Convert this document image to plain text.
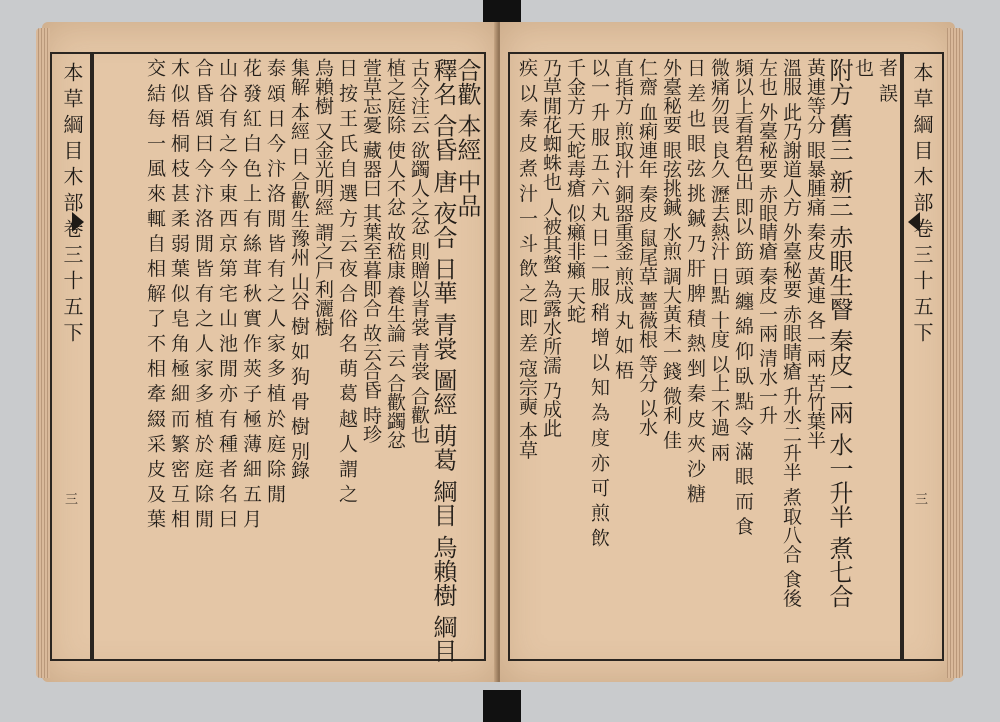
本草綱目木部卷三十五下
三
合歡 本經 中品
釋名 合昏 唐 夜合 日華 青裳 圖經 萌葛 綱目 烏賴樹 綱目
古今注云 欲蠲人之忿 則贈以青裳 青裳 合歡也
植之庭除 使人不忿 故嵇康 養生論 云 合歡蠲忿
萱草忘憂 藏器曰 其葉至暮即合 故云合昏 時珍
日 按 王 氏 自 選 方 云 夜 合 俗 名 萌 葛 越 人 謂 之
烏賴樹 又金光明經 謂之尸利灑樹
集解 本經 日 合歡生豫州 山谷 樹 如 狗 骨 樹 別錄
泰 頌 日 今 汴 洛 閒 皆 有 之 人 家 多 植 於 庭 除 閒
花 發 紅 白 色 上 有 絲 茸 秋 實 作 莢 子 極 薄 細 五 月
山 谷 有 之 今 東 西 京 第 宅 山 池 閒 亦 有 種 者 名 曰
合 昏 頌 曰 今 汴 洛 閒 皆 有 之 人 家 多 植 於 庭 除 閒
木 似 梧 桐 枝 甚 柔 弱 葉 似 皂 角 極 細 而 繁 密 互 相
交 結 每 一 風 來 輒 自 相 解 了 不 相 牽 綴 采 皮 及 葉	本草綱目木部卷三十五下
三
者 誤
也
附方 舊三 新三 赤眼生瞖 秦皮一兩 水一升半 煮七合
黃連等分 眼暴腫痛 秦皮 黃連 各一兩 苦竹葉半
溫服 此乃謝道人方 外臺秘要 赤眼睛瘡 升水二升半 煮取八合 食後
左也 外臺秘要 赤眼睛瘡 秦皮一兩 清水一升
頻以上看碧色出 即以 筯 頭 纏 綿 仰 臥 點 令 滿 眼 而 食
微痛勿畏 良久 瀝去熱汁 日點 十度 以上 不過 兩
日 差 也 眼 弦 挑 鍼 乃 肝 脾 積 熱 剉 秦 皮 夾 沙 糖
外臺秘要 眼弦挑鍼 水煎 調大黃末一錢 微利 佳
仁齋 血痢連年 秦皮 鼠尾草 薔薇根 等分 以水
直指方 煎取汁 銅器重釜 煎成 丸 如 梧
以一 升 服 五 六 丸 日 二 服 稍 增 以 知 為 度 亦 可 煎 飲
千金方 天蛇毒瘡 似癩非癩 天蛇
乃草閒花蜘蛛也 人被其螫 為露水所濡 乃成此
疾 以 秦 皮 煮 汁 一 斗 飲 之 即 差 寇宗奭 本草
